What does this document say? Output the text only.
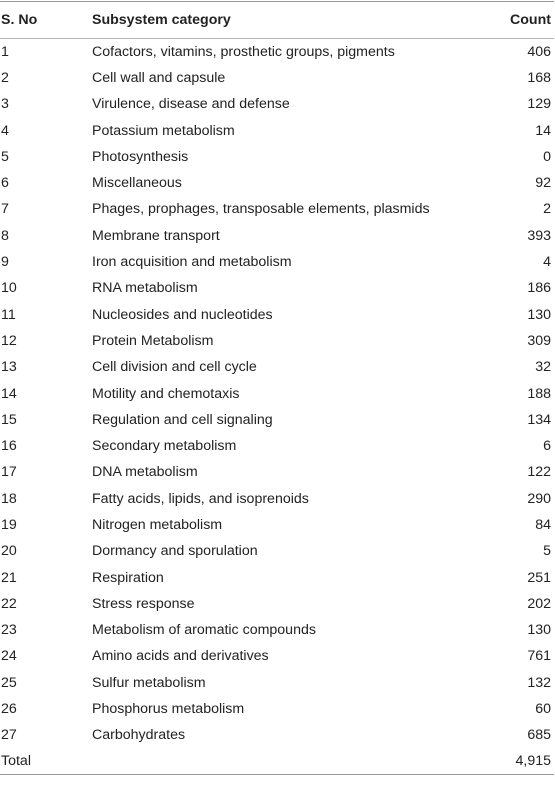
S. No	Subsystem category	Count
1	Cofactors, vitamins, prosthetic groups, pigments	406
2	Cell wall and capsule	168
3	Virulence, disease and defense	129
4	Potassium metabolism	14
5	Photosynthesis	0
6	Miscellaneous	92
7	Phages, prophages, transposable elements, plasmids	2
8	Membrane transport	393
9	Iron acquisition and metabolism	4
10	RNA metabolism	186
11	Nucleosides and nucleotides	130
12	Protein Metabolism	309
13	Cell division and cell cycle	32
14	Motility and chemotaxis	188
15	Regulation and cell signaling	134
16	Secondary metabolism	6
17	DNA metabolism	122
18	Fatty acids, lipids, and isoprenoids	290
19	Nitrogen metabolism	84
20	Dormancy and sporulation	5
21	Respiration	251
22	Stress response	202
23	Metabolism of aromatic compounds	130
24	Amino acids and derivatives	761
25	Sulfur metabolism	132
26	Phosphorus metabolism	60
27	Carbohydrates	685
Total		4,915
